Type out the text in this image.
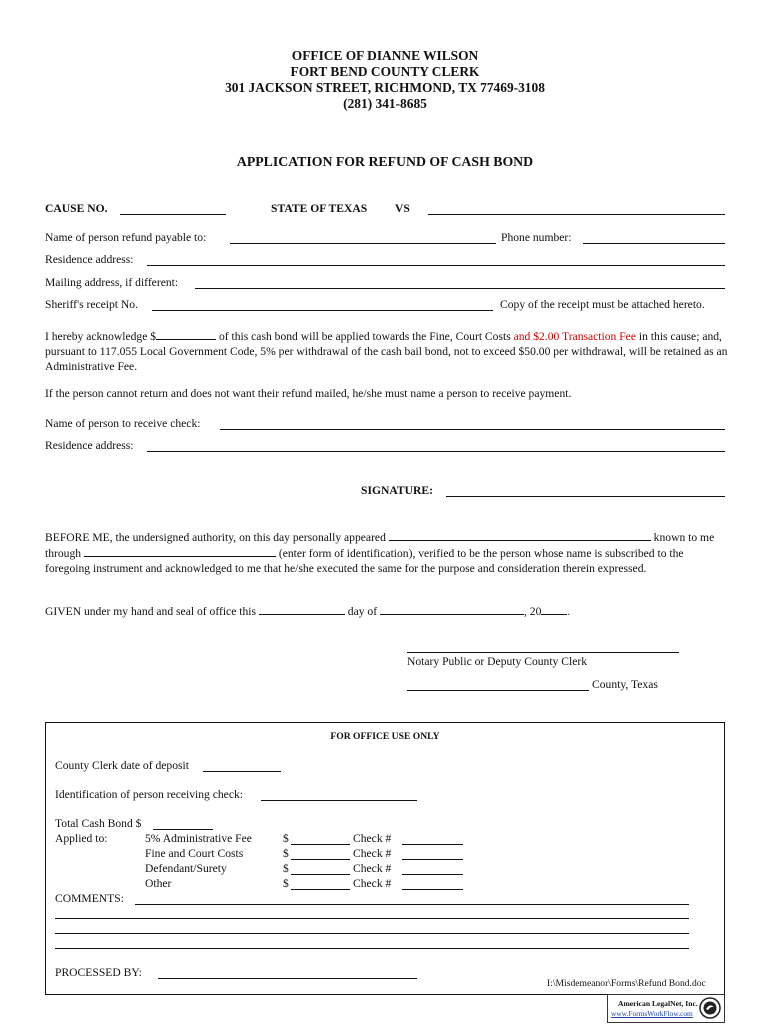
OFFICE OF DIANNE WILSON
FORT BEND COUNTY CLERK
301 JACKSON STREET, RICHMOND, TX 77469-3108
(281) 341-8685
APPLICATION FOR REFUND OF CASH BOND
CAUSE NO.	STATE OF TEXAS VS
Name of person refund payable to:	Phone number:
Residence address:
Mailing address, if different:
Sheriff's receipt No.	Copy of the receipt must be attached hereto.
I hereby acknowledge $	of this cash bond will be applied towards the Fine, Court Costs and $2.00 Transaction Fee in this cause; and, pursuant to 117.055 Local Government Code, 5% per withdrawal of the cash bail bond, not to exceed $50.00 per withdrawal, will be retained as an Administrative Fee.
If the person cannot return and does not want their refund mailed, he/she must name a person to receive payment.
Name of person to receive check:
Residence address:
SIGNATURE:
BEFORE ME, the undersigned authority, on this day personally appeared	known to me through	(enter form of identification), verified to be the person whose name is subscribed to the foregoing instrument and acknowledged to me that he/she executed the same for the purpose and consideration therein expressed.
GIVEN under my hand and seal of office this	day of	, 20 .
Notary Public or Deputy County Clerk
County, Texas
FOR OFFICE USE ONLY
County Clerk date of deposit
Identification of person receiving check:
Total Cash Bond $
Applied to:	5% Administrative Fee	$	Check #
Fine and Court Costs	$	Check #
Defendant/Surety	$	Check #
Other	$	Check #
COMMENTS:
PROCESSED BY:
I:\Misdemeanor\Forms\Refund Bond.doc
American LegalNet, Inc.
www.FormsWorkFlow.com
